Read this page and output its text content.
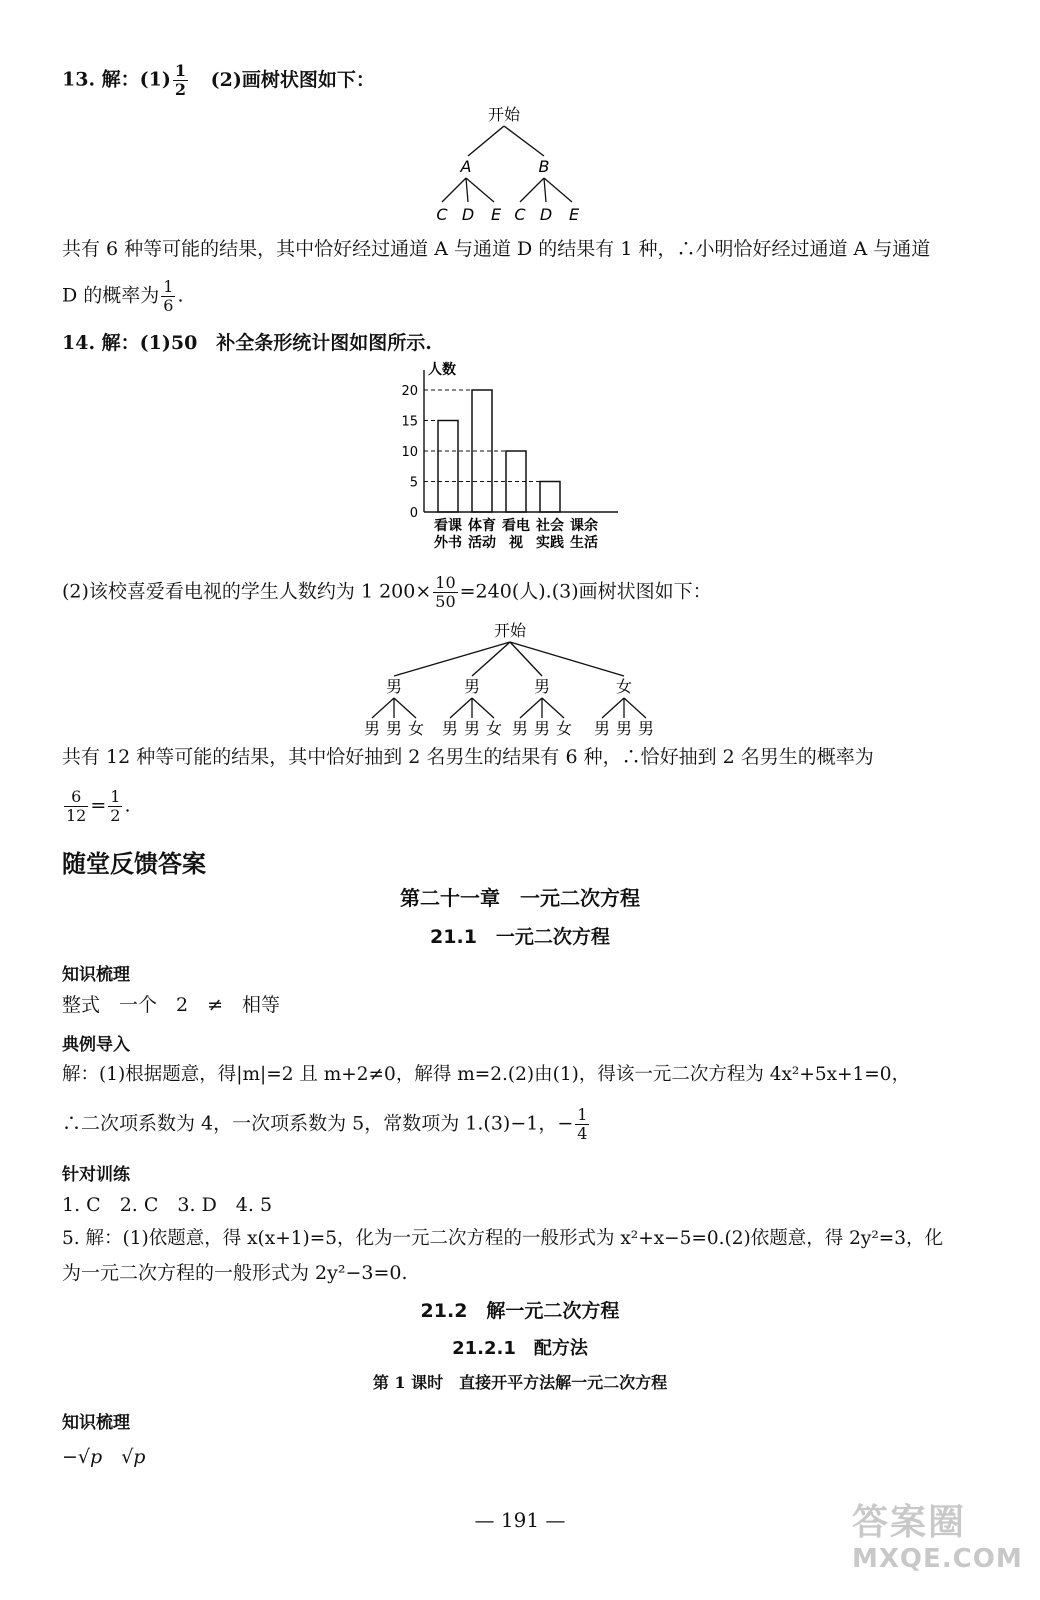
13. 解：$(1) \frac{1}{2} (2)$画树状图如下：
开始
A	B
C D E C D E
共有 6 种等可能的结果，其中恰好经过通道 A 与通道 D 的结果有 1 种，∴小明恰好经过通道 A 与通道
D 的概率为 $\frac{1}{6}$ .
14. 解：(1)50　补全条形统计图如图所示.
人数
0
5
10
15
20
看课
外书
体育
活动
看电
视
社会
实践
课余
生活
(2)该校喜爱看电视的学生人数约为 1 $200\times \frac{10}{50} =240$(人).(3)画树状图如下：
开始
男	男	男	女
男 男 女 男 男 女 男 男 女 男 男 男
共有 12 种等可能的结果，其中恰好抽到 2 名男生的结果有 6 种，∴恰好抽到 2 名男生的概率为
$\frac{6}{12} = \frac{1}{2}$ .
随堂反馈答案
第二十一章　一元二次方程
21.1　一元二次方程
知识梳理
整式　一个　2　≠　相等
典例导入
解：(1)根据题意，得|m|=2 且 m+2≠0，解得 m=2.(2)由(1)，得该一元二次方程为 4x²+5x+1=0，
∴二次项系数为 4，一次项系数为 5，常数项为 1.(3)−1，− $\frac{1}{4}$
针对训练
1. C　2. C　3. D　4. 5
5. 解：(1)依题意，得 x(x+1)=5，化为一元二次方程的一般形式为 x²+x−5=0.(2)依题意，得 2y²=3，化
为一元二次方程的一般形式为 2y²−3=0.
21.2　解一元二次方程
21.2.1　配方法
第 1 课时　直接开平方法解一元二次方程
知识梳理
−√p　√p
— 191 —	答案圈
MXQE.COM
